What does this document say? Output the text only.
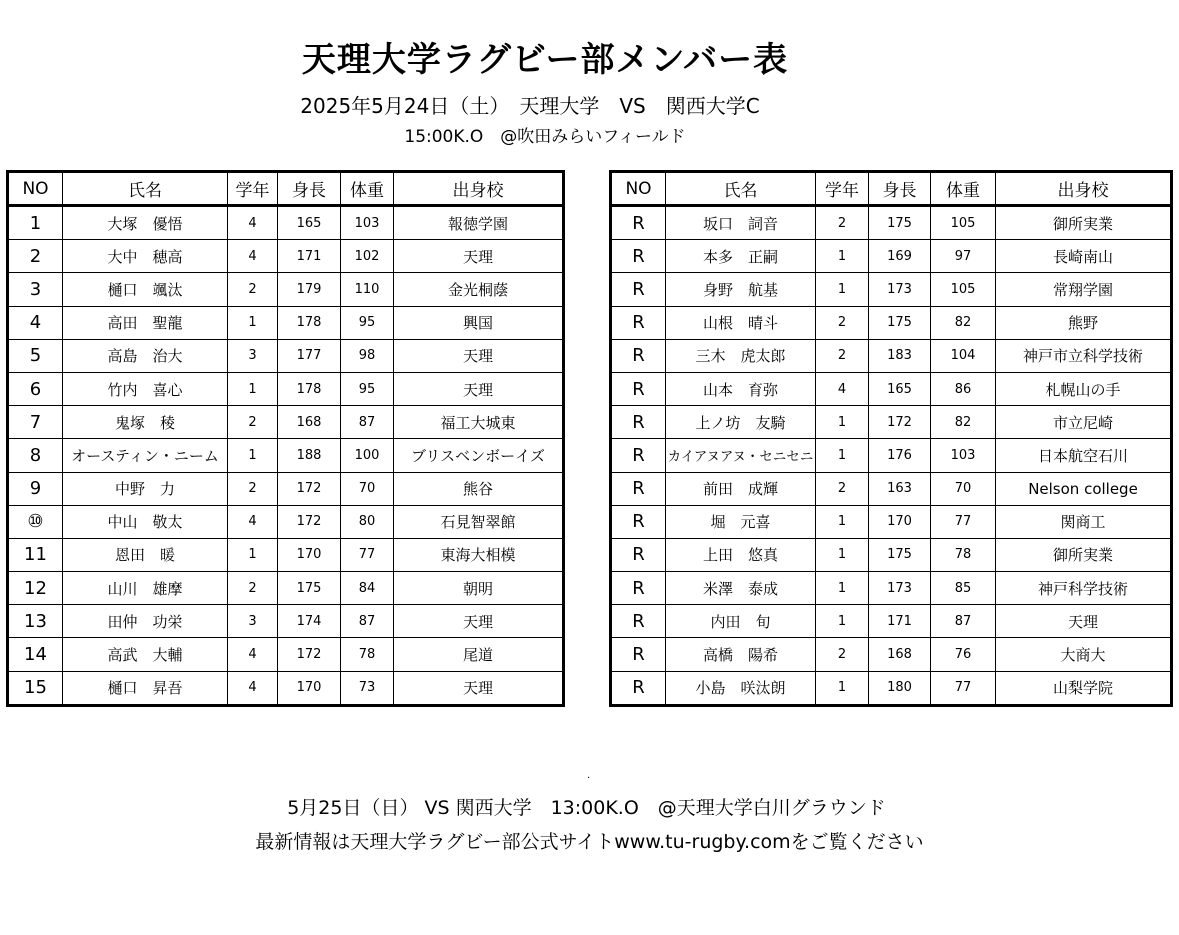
天理大学ラグビー部メンバー表
2025年5月24日（土）　天理大学　VS　関西大学C
15:00K.O　@吹田みらいフィールド
NO	氏名	学年	身長	体重	出身校
1	大塚　優悟	4	165	103	報徳学園
2	大中　穂高	4	171	102	天理
3	樋口　颯汰	2	179	110	金光桐蔭
4	高田　聖龍	1	178	95	興国
5	高島　治大	3	177	98	天理
6	竹内　喜心	1	178	95	天理
7	鬼塚　稜	2	168	87	福工大城東
8	オースティン・ニーム	1	188	100	ブリスベンボーイズ
9	中野　力	2	172	70	熊谷
⑩	中山　敬太	4	172	80	石見智翠館
11	恩田　暖	1	170	77	東海大相模
12	山川　雄摩	2	175	84	朝明
13	田仲　功栄	3	174	87	天理
14	高武　大輔	4	172	78	尾道
15	樋口　昇吾	4	170	73	天理
NO	氏名	学年	身長	体重	出身校
R	坂口　詞音	2	175	105	御所実業
R	本多　正嗣	1	169	97	長崎南山
R	身野　航基	1	173	105	常翔学園
R	山根　晴斗	2	175	82	熊野
R	三木　虎太郎	2	183	104	神戸市立科学技術
R	山本　育弥	4	165	86	札幌山の手
R	上ノ坊　友騎	1	172	82	市立尼崎
R	カイアヌアヌ・セニセニ	1	176	103	日本航空石川
R	前田　成輝	2	163	70	Nelson college
R	堀　元喜	1	170	77	関商工
R	上田　悠真	1	175	78	御所実業
R	米澤　泰成	1	173	85	神戸科学技術
R	内田　旬	1	171	87	天理
R	高橋　陽希	2	168	76	大商大
R	小島　咲汰朗	1	180	77	山梨学院
.
5月25日（日） VS 関西大学　13:00K.O　@天理大学白川グラウンド
最新情報は天理大学ラグビー部公式サイトwww.tu-rugby.comをご覧ください
